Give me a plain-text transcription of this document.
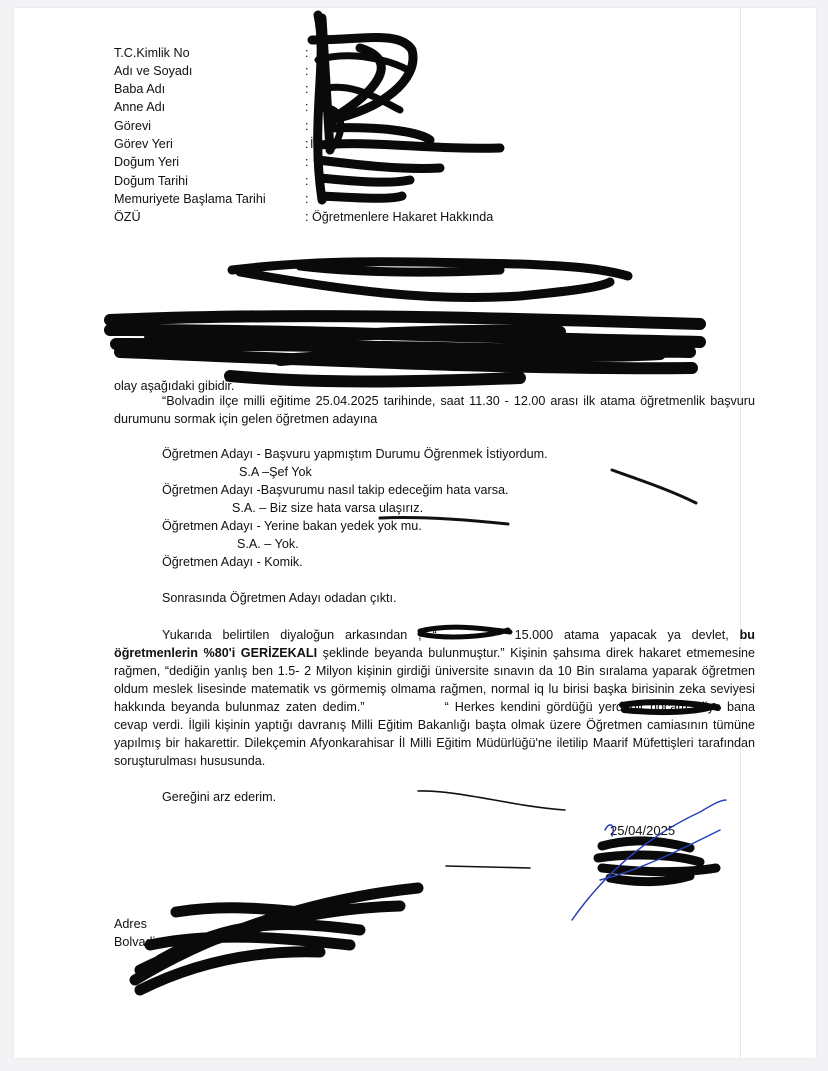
T.C.Kimlik No
Adı ve Soyadı
Baba Adı
Anne Adı
Görevi
Görev Yeri
Doğum Yeri
Doğum Tarihi
Memuriyete Başlama Tarihi
ÖZÜ
:
:
:
:
:
:
:
:
:
:
İ
Öğretmenlere Hakaret Hakkında
olay aşağıdaki gibidir.
“Bolvadin ilçe milli eğitime 25.04.2025 tarihinde, saat 11.30 - 12.00 arası ilk atama öğretmenlik başvuru durumunu sormak için gelen öğretmen adayına
Öğretmen Adayı - Başvuru yapmıştım Durumu Öğrenmek İstiyordum.
S.A –Şef Yok
Öğretmen Adayı -Başvurumu nasıl takip edeceğim hata varsa.
S.A. – Biz size hata varsa ulaşırız.
Öğretmen Adayı - Yerine bakan yedek yok mu.
S.A. – Yok.
Öğretmen Adayı - Komik.
Sonrasında Öğretmen Adayı odadan çıktı.
Yukarıda belirtilen diyaloğun arkasından , “	15.000 atama yapacak ya devlet, bu öğretmenlerin %80'i GERİZEKALI şeklinde beyanda bulunmuştur.” Kişinin şahsıma direk hakaret etmemesine rağmen, “dediğin yanlış ben 1.5- 2 Milyon kişinin girdiği üniversite sınavın da 10 Bin sıralama yaparak öğretmen oldum meslek lisesinde matematik vs görmemiş olmama rağmen, normal iq lu birisi başka birisinin zeka seviyesi hakkında beyanda bulunmaz zaten dedim.”	“ Herkes kendini gördüğü yerdedir hocam” diye bana cevap verdi. İlgili kişinin yaptığı davranış Milli Eğitim Bakanlığı başta olmak üzere Öğretmen camiasının tümüne yapılmış bir hakarettir. Dilekçemin Afyonkarahisar İl Milli Eğitim Müdürlüğü'ne iletilip Maarif Müfettişleri tarafından soruşturulması hususunda.
Gereğini arz ederim.
25/04/2025
Adres
Bolvadin
